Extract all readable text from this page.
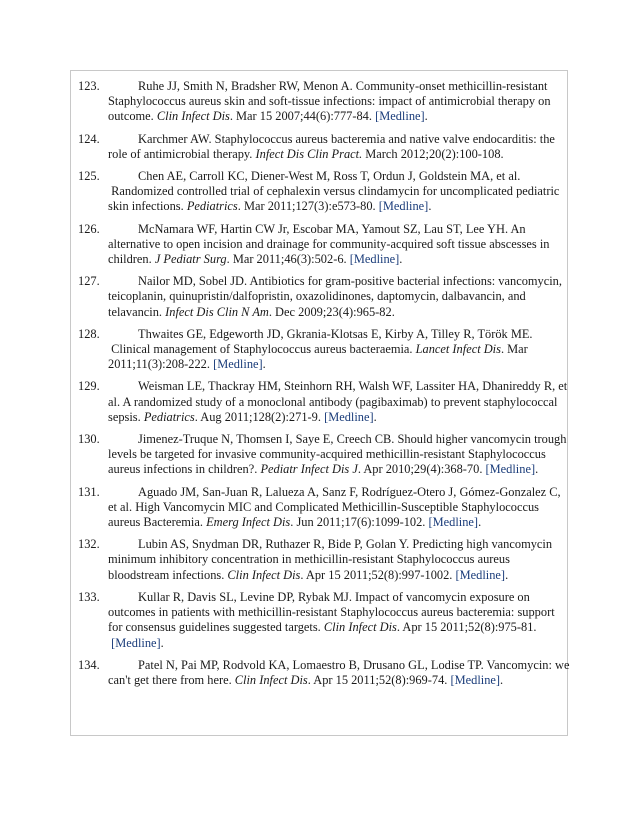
123.	Ruhe JJ, Smith N, Bradsher RW, Menon A. Community-onset methicillin-resistant Staphylococcus aureus skin and soft-tissue infections: impact of antimicrobial therapy on outcome. Clin Infect Dis. Mar 15 2007;44(6):777-84. [Medline].

124.	Karchmer AW. Staphylococcus aureus bacteremia and native valve endocarditis: the role of antimicrobial therapy. Infect Dis Clin Pract. March 2012;20(2):100-108.

125.	Chen AE, Carroll KC, Diener-West M, Ross T, Ordun J, Goldstein MA, et al. Randomized controlled trial of cephalexin versus clindamycin for uncomplicated pediatric skin infections. Pediatrics. Mar 2011;127(3):e573-80. [Medline].

126.	McNamara WF, Hartin CW Jr, Escobar MA, Yamout SZ, Lau ST, Lee YH. An alternative to open incision and drainage for community-acquired soft tissue abscesses in children. J Pediatr Surg. Mar 2011;46(3):502-6. [Medline].

127.	Nailor MD, Sobel JD. Antibiotics for gram-positive bacterial infections: vancomycin, teicoplanin, quinupristin/dalfopristin, oxazolidinones, daptomycin, dalbavancin, and telavancin. Infect Dis Clin N Am. Dec 2009;23(4):965-82.

128.	Thwaites GE, Edgeworth JD, Gkrania-Klotsas E, Kirby A, Tilley R, Török ME. Clinical management of Staphylococcus aureus bacteraemia. Lancet Infect Dis. Mar 2011;11(3):208-222. [Medline].

129.	Weisman LE, Thackray HM, Steinhorn RH, Walsh WF, Lassiter HA, Dhanireddy R, et al. A randomized study of a monoclonal antibody (pagibaximab) to prevent staphylococcal sepsis. Pediatrics. Aug 2011;128(2):271-9. [Medline].

130.	Jimenez-Truque N, Thomsen I, Saye E, Creech CB. Should higher vancomycin trough levels be targeted for invasive community-acquired methicillin-resistant Staphylococcus aureus infections in children?. Pediatr Infect Dis J. Apr 2010;29(4):368-70. [Medline].

131.	Aguado JM, San-Juan R, Lalueza A, Sanz F, Rodríguez-Otero J, Gómez-Gonzalez C, et al. High Vancomycin MIC and Complicated Methicillin-Susceptible Staphylococcus aureus Bacteremia. Emerg Infect Dis. Jun 2011;17(6):1099-102. [Medline].

132.	Lubin AS, Snydman DR, Ruthazer R, Bide P, Golan Y. Predicting high vancomycin minimum inhibitory concentration in methicillin-resistant Staphylococcus aureus bloodstream infections. Clin Infect Dis. Apr 15 2011;52(8):997-1002. [Medline].

133.	Kullar R, Davis SL, Levine DP, Rybak MJ. Impact of vancomycin exposure on outcomes in patients with methicillin-resistant Staphylococcus aureus bacteremia: support for consensus guidelines suggested targets. Clin Infect Dis. Apr 15 2011;52(8):975-81. [Medline].

134.	Patel N, Pai MP, Rodvold KA, Lomaestro B, Drusano GL, Lodise TP. Vancomycin: we can't get there from here. Clin Infect Dis. Apr 15 2011;52(8):969-74. [Medline].
